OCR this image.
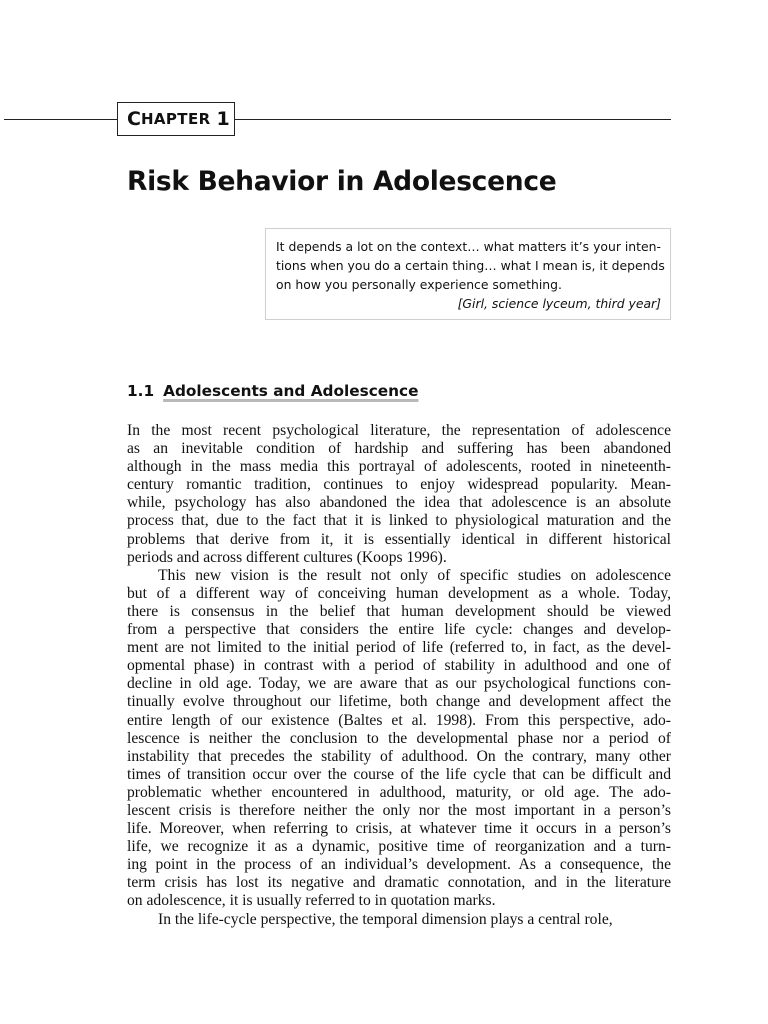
C HAPTER 1
Risk Behavior in Adolescence
It depends a lot on the context… what matters it’s your inten-
tions when you do a certain thing… what I mean is, it depends
on how you personally experience something.
[Girl, science lyceum, third year]
1.1 Adolescents and Adolescence
In the most recent psychological literature, the representation of adolescence
as an inevitable condition of hardship and suffering has been abandoned
although in the mass media this portrayal of adolescents, rooted in nineteenth-
century romantic tradition, continues to enjoy widespread popularity. Mean-
while, psychology has also abandoned the idea that adolescence is an absolute
process that, due to the fact that it is linked to physiological maturation and the
problems that derive from it, it is essentially identical in different historical
periods and across different cultures (Koops 1996).
This new vision is the result not only of specific studies on adolescence
but of a different way of conceiving human development as a whole. Today,
there is consensus in the belief that human development should be viewed
from a perspective that considers the entire life cycle: changes and develop-
ment are not limited to the initial period of life (referred to, in fact, as the devel-
opmental phase) in contrast with a period of stability in adulthood and one of
decline in old age. Today, we are aware that as our psychological functions con-
tinually evolve throughout our lifetime, both change and development affect the
entire length of our existence (Baltes et al. 1998). From this perspective, ado-
lescence is neither the conclusion to the developmental phase nor a period of
instability that precedes the stability of adulthood. On the contrary, many other
times of transition occur over the course of the life cycle that can be difficult and
problematic whether encountered in adulthood, maturity, or old age. The ado-
lescent crisis is therefore neither the only nor the most important in a person’s
life. Moreover, when referring to crisis, at whatever time it occurs in a person’s
life, we recognize it as a dynamic, positive time of reorganization and a turn-
ing point in the process of an individual’s development. As a consequence, the
term crisis has lost its negative and dramatic connotation, and in the literature
on adolescence, it is usually referred to in quotation marks.
In the life-cycle perspective, the temporal dimension plays a central role,
